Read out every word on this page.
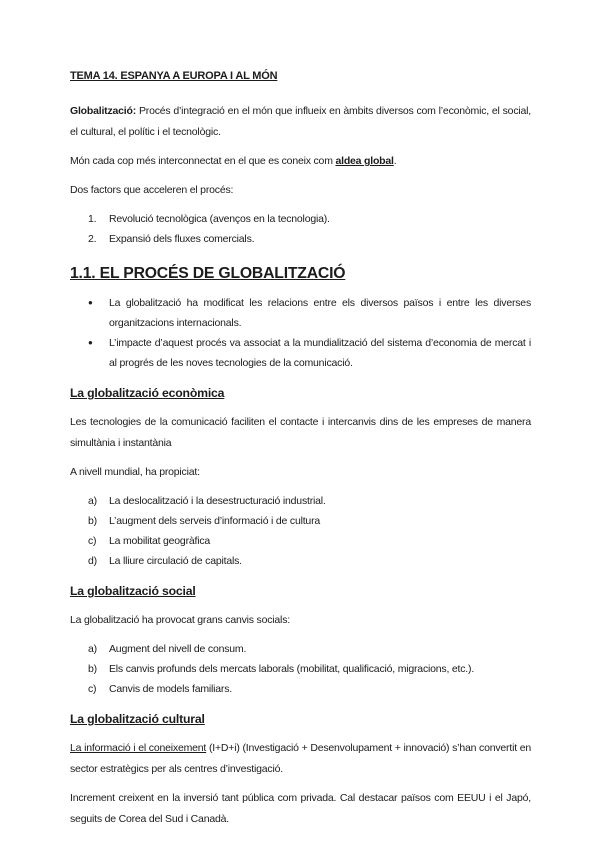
TEMA 14. ESPANYA A EUROPA I AL MÓN

Globalització: Procés d’integració en el món que influeix en àmbits diversos com l’econòmic, el social, el cultural, el polític i el tecnològic.

Món cada cop més interconnectat en el que es coneix com aldea global.

Dos factors que acceleren el procés:

1.	Revolució tecnològica (avenços en la tecnologia).
2.	Expansió dels fluxes comercials.
1.1. EL PROCÉS DE GLOBALITZACIÓ
●	La globalització ha modificat les relacions entre els diversos països i entre les diverses organitzacions internacionals.
●	L’impacte d’aquest procés va associat a la mundialització del sistema d’economia de mercat i al progrés de les noves tecnologies de la comunicació.
La globalització econòmica

Les tecnologies de la comunicació faciliten el contacte i intercanvis dins de les empreses de manera simultània i instantània

A nivell mundial, ha propiciat:

a)	La deslocalització i la desestructuració industrial.
b)	L’augment dels serveis d’informació i de cultura
c)	La mobilitat geogràfica
d)	La lliure circulació de capitals.
La globalització social

La globalització ha provocat grans canvis socials:

a)	Augment del nivell de consum.
b)	Els canvis profunds dels mercats laborals (mobilitat, qualificació, migracions, etc.).
c)	Canvis de models familiars.
La globalització cultural

La informació i el coneixement (I+D+i) (Investigació + Desenvolupament + innovació) s’han convertit en sector estratègics per als centres d’investigació.

Increment creixent en la inversió tant pública com privada. Cal destacar països com EEUU i el Japó, seguits de Corea del Sud i Canadà.
